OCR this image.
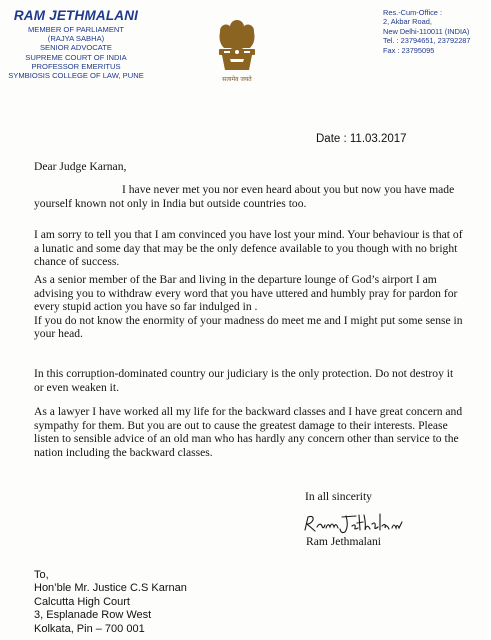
RAM JETHMALANI
MEMBER OF PARLIAMENT
(RAJYA SABHA)
SENIOR ADVOCATE
SUPREME COURT OF INDIA
PROFESSOR EMERITUS
SYMBIOSIS COLLEGE OF LAW, PUNE	सत्यमेव जयते
Res.-Cum-Office :
2, Akbar Road,
New Delhi-110011 (INDIA)
Tel. : 23794651, 23792287
Fax : 23795095
Date : 11.03.2017
Dear Judge Karnan,

I have never met you nor even heard about you but now you have made yourself known not only in India but outside countries too.

I am sorry to tell you that I am convinced you have lost your mind. Your behaviour is that of a lunatic and some day that may be the only defence available to you though with no bright chance of success.

As a senior member of the Bar and living in the departure lounge of God’s airport I am advising you to withdraw every word that you have uttered and humbly pray for pardon for every stupid action you have so far indulged in .

If you do not know the enormity of your madness do meet me and I might put some sense in your head.

In this corruption-dominated country our judiciary is the only protection. Do not destroy it or even weaken it.

As a lawyer I have worked all my life for the backward classes and I have great concern and sympathy for them. But you are out to cause the greatest damage to their interests. Please listen to sensible advice of an old man who has hardly any concern other than service to the nation including the backward classes.

In all sincerity
Ram Jethmalani
To,
Hon’ble Mr. Justice C.S Karnan
Calcutta High Court
3, Esplanade Row West
Kolkata, Pin – 700 001
